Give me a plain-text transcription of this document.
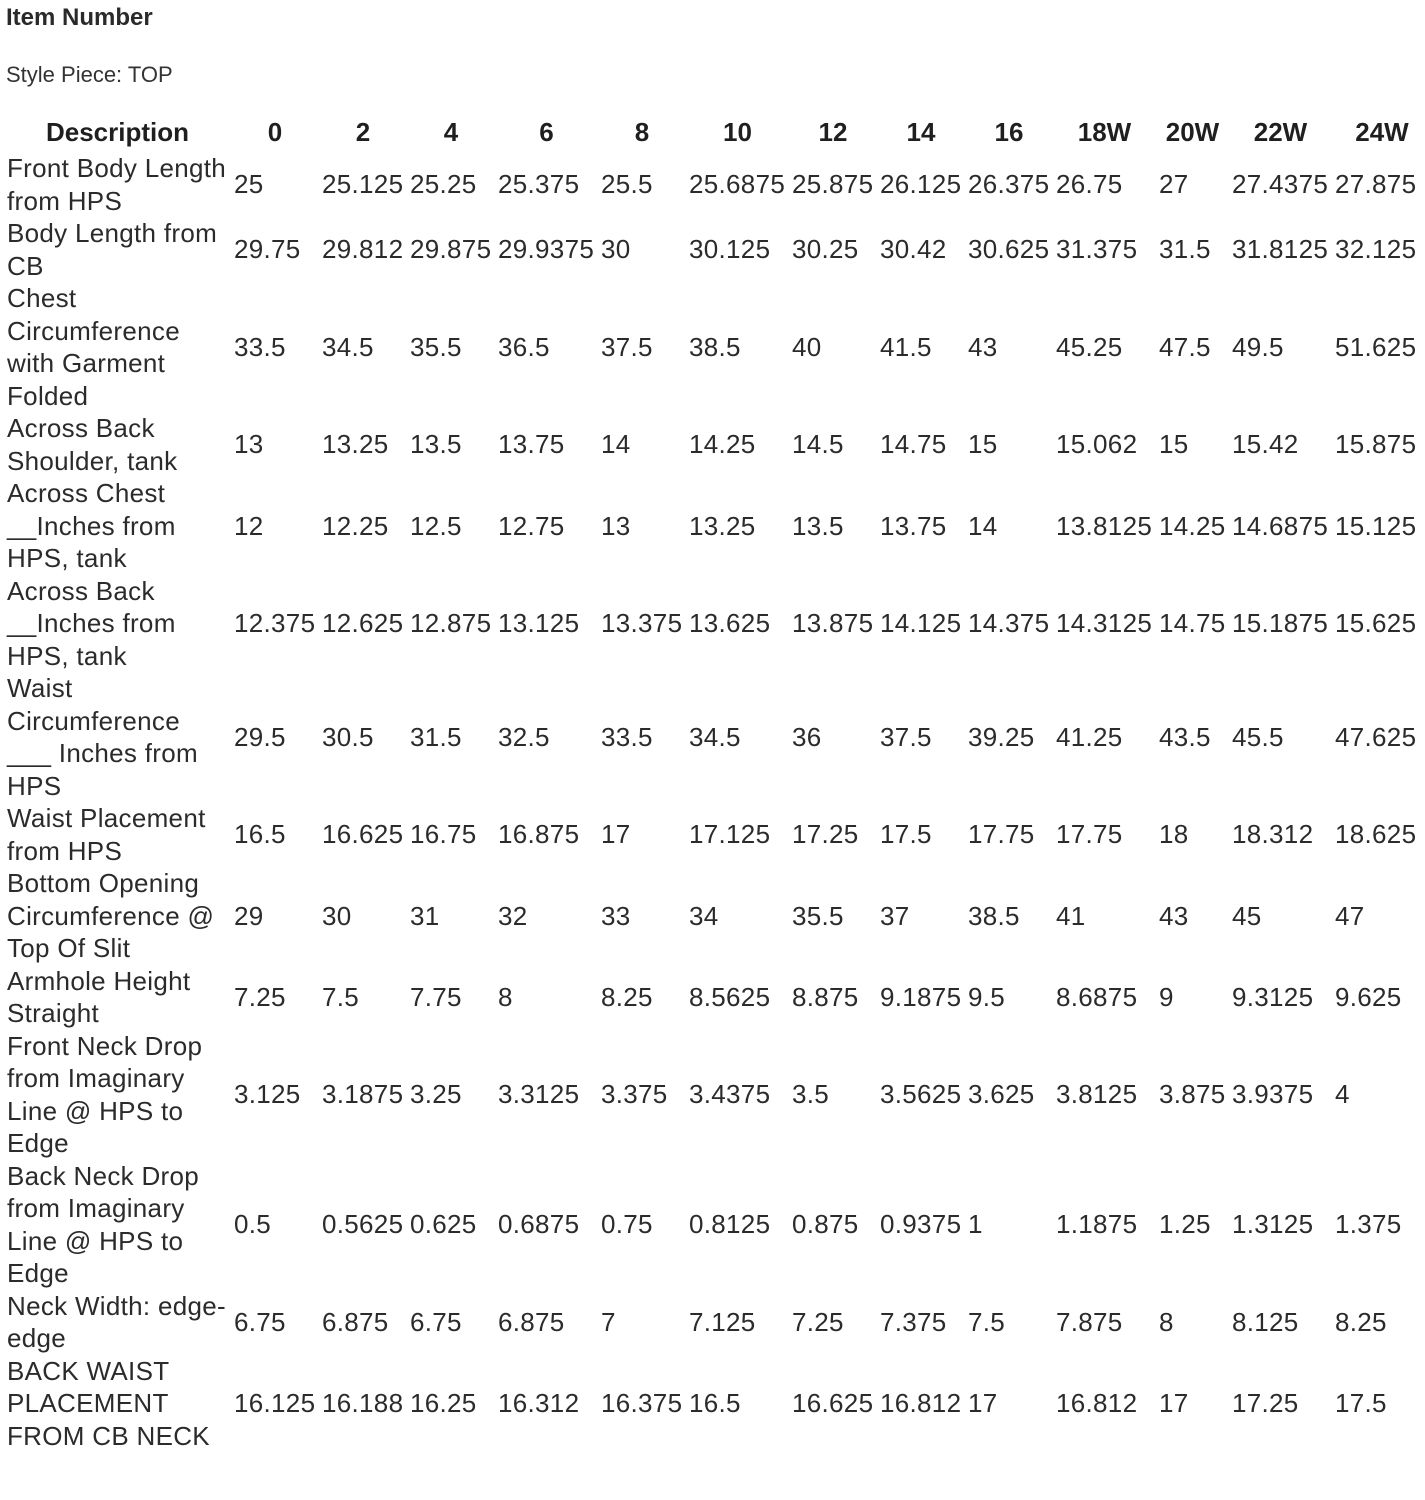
Item Number
Style Piece: TOP
Description	0	2	4	6	8	10	12	14	16	18W	20W	22W	24W
Front Body Length from HPS	25	25.125	25.25	25.375	25.5	25.6875	25.875	26.125	26.375	26.75	27	27.4375	27.875
Body Length from CB	29.75	29.812	29.875	29.9375	30	30.125	30.25	30.42	30.625	31.375	31.5	31.8125	32.125
Chest Circumference with Garment Folded	33.5	34.5	35.5	36.5	37.5	38.5	40	41.5	43	45.25	47.5	49.5	51.625
Across Back Shoulder, tank	13	13.25	13.5	13.75	14	14.25	14.5	14.75	15	15.062	15	15.42	15.875
Across Chest __Inches from HPS, tank	12	12.25	12.5	12.75	13	13.25	13.5	13.75	14	13.8125	14.25	14.6875	15.125
Across Back __Inches from HPS, tank	12.375	12.625	12.875	13.125	13.375	13.625	13.875	14.125	14.375	14.3125	14.75	15.1875	15.625
Waist Circumference ___ Inches from HPS	29.5	30.5	31.5	32.5	33.5	34.5	36	37.5	39.25	41.25	43.5	45.5	47.625
Waist Placement from HPS	16.5	16.625	16.75	16.875	17	17.125	17.25	17.5	17.75	17.75	18	18.312	18.625
Bottom Opening Circumference @ Top Of Slit	29	30	31	32	33	34	35.5	37	38.5	41	43	45	47
Armhole Height Straight	7.25	7.5	7.75	8	8.25	8.5625	8.875	9.1875	9.5	8.6875	9	9.3125	9.625
Front Neck Drop from Imaginary Line @ HPS to Edge	3.125	3.1875	3.25	3.3125	3.375	3.4375	3.5	3.5625	3.625	3.8125	3.875	3.9375	4
Back Neck Drop from Imaginary Line @ HPS to Edge	0.5	0.5625	0.625	0.6875	0.75	0.8125	0.875	0.9375	1	1.1875	1.25	1.3125	1.375
Neck Width: edge-edge	6.75	6.875	6.75	6.875	7	7.125	7.25	7.375	7.5	7.875	8	8.125	8.25
BACK WAIST PLACEMENT FROM CB NECK	16.125	16.188	16.25	16.312	16.375	16.5	16.625	16.812	17	16.812	17	17.25	17.5
